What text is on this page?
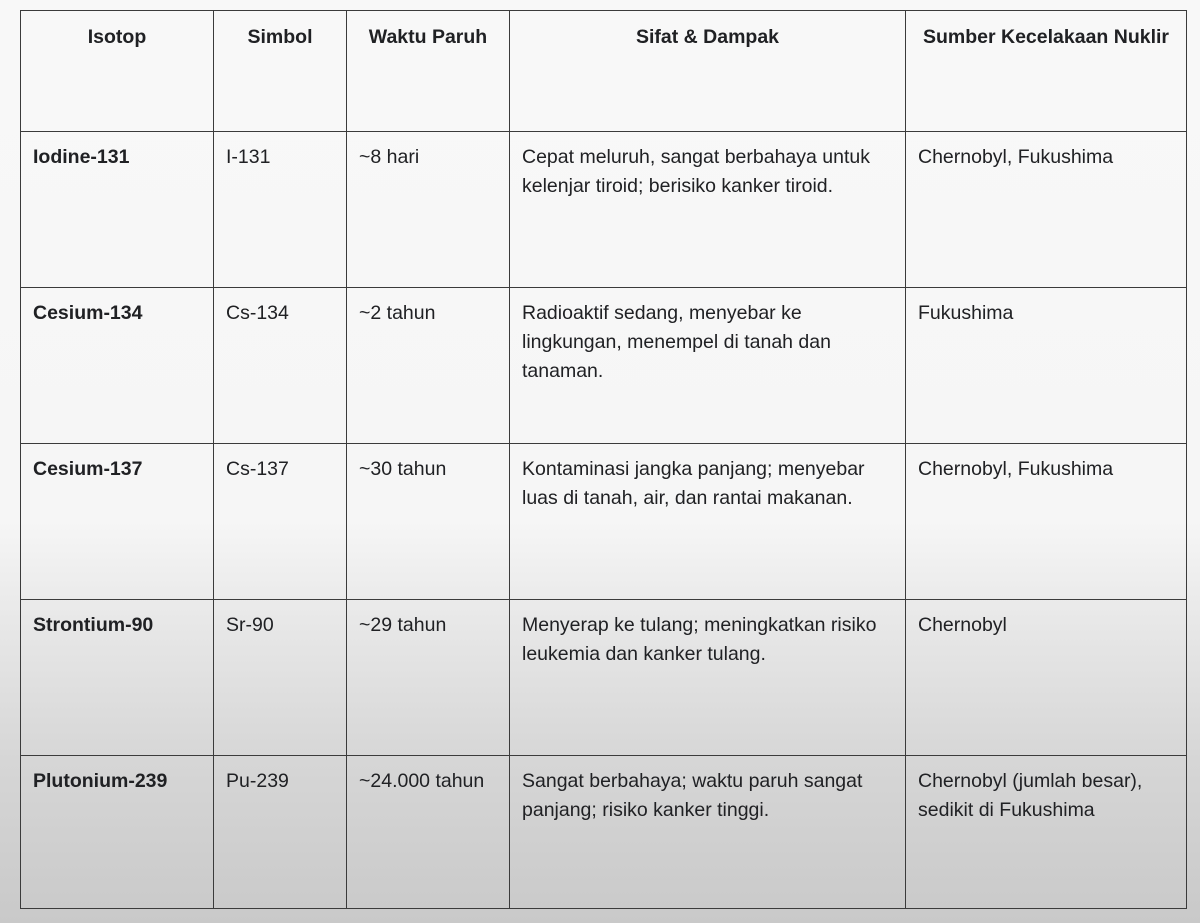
Isotop	Simbol	Waktu Paruh	Sifat & Dampak	Sumber Kecelakaan Nuklir
Iodine-131	I-131	~8 hari	Cepat meluruh, sangat berbahaya untuk kelenjar tiroid; berisiko kanker tiroid.	Chernobyl, Fukushima
Cesium-134	Cs-134	~2 tahun	Radioaktif sedang, menyebar ke lingkungan, menempel di tanah dan tanaman.	Fukushima
Cesium-137	Cs-137	~30 tahun	Kontaminasi jangka panjang; menyebar luas di tanah, air, dan rantai makanan.	Chernobyl, Fukushima
Strontium-90	Sr-90	~29 tahun	Menyerap ke tulang; meningkatkan risiko leukemia dan kanker tulang.	Chernobyl
Plutonium-239	Pu-239	~24.000 tahun	Sangat berbahaya; waktu paruh sangat panjang; risiko kanker tinggi.	Chernobyl (jumlah besar), sedikit di Fukushima
